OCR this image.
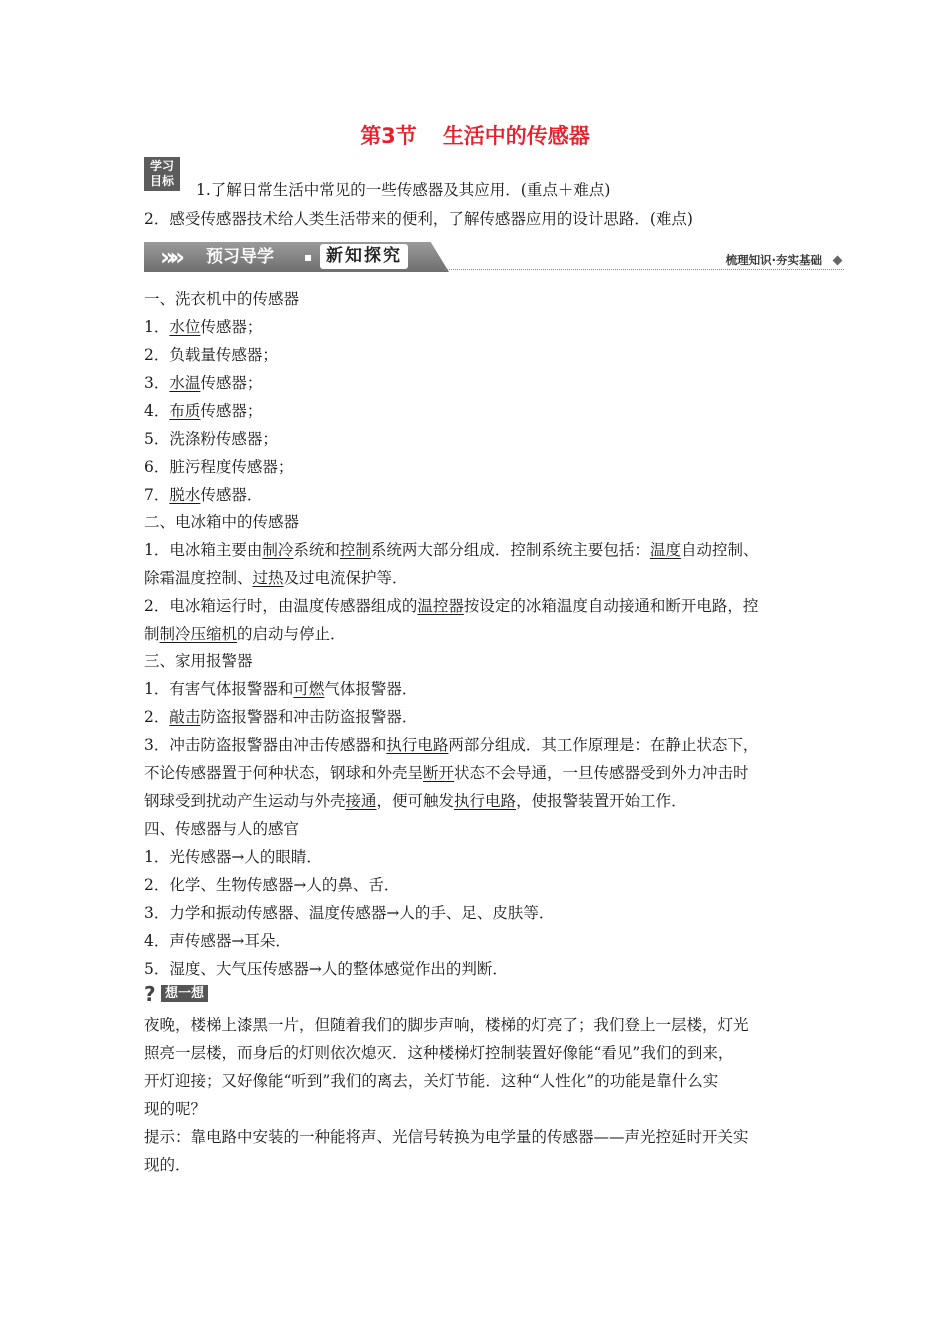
第3节 生活中的传感器
学习
目标	1.了解日常生活中常见的一些传感器及其应用．(重点＋难点)
2．感受传感器技术给人类生活带来的便利，了解传感器应用的设计思路．(难点)
»»	预习导学	▪ 新知探究	梳理知识·夯实基础
一、洗衣机中的传感器
1．水位传感器；
2．负载量传感器；
3．水温传感器；
4．布质传感器；
5．洗涤粉传感器；
6．脏污程度传感器；
7．脱水传感器．
二、电冰箱中的传感器
1．电冰箱主要由制冷系统和控制系统两大部分组成．控制系统主要包括：温度自动控制、
除霜温度控制、过热及过电流保护等．
2．电冰箱运行时，由温度传感器组成的温控器按设定的冰箱温度自动接通和断开电路，控
制制冷压缩机的启动与停止．
三、家用报警器
1．有害气体报警器和可燃气体报警器．
2．敲击防盗报警器和冲击防盗报警器．
3．冲击防盗报警器由冲击传感器和执行电路两部分组成．其工作原理是：在静止状态下，
不论传感器置于何种状态，钢球和外壳呈断开状态不会导通，一旦传感器受到外力冲击时
钢球受到扰动产生运动与外壳接通，便可触发执行电路，使报警装置开始工作．
四、传感器与人的感官
1．光传感器→人的眼睛．
2．化学、生物传感器→人的鼻、舌．
3．力学和振动传感器、温度传感器→人的手、足、皮肤等．
4．声传感器→耳朵．
5．湿度、大气压传感器→人的整体感觉作出的判断．
? 想一想
夜晚，楼梯上漆黑一片，但随着我们的脚步声响，楼梯的灯亮了；我们登上一层楼，灯光
照亮一层楼，而身后的灯则依次熄灭．这种楼梯灯控制装置好像能“看见”我们的到来，
开灯迎接；又好像能“听到”我们的离去，关灯节能．这种“人性化”的功能是靠什么实
现的呢？
提示：靠电路中安装的一种能将声、光信号转换为电学量的传感器——声光控延时开关实
现的．
